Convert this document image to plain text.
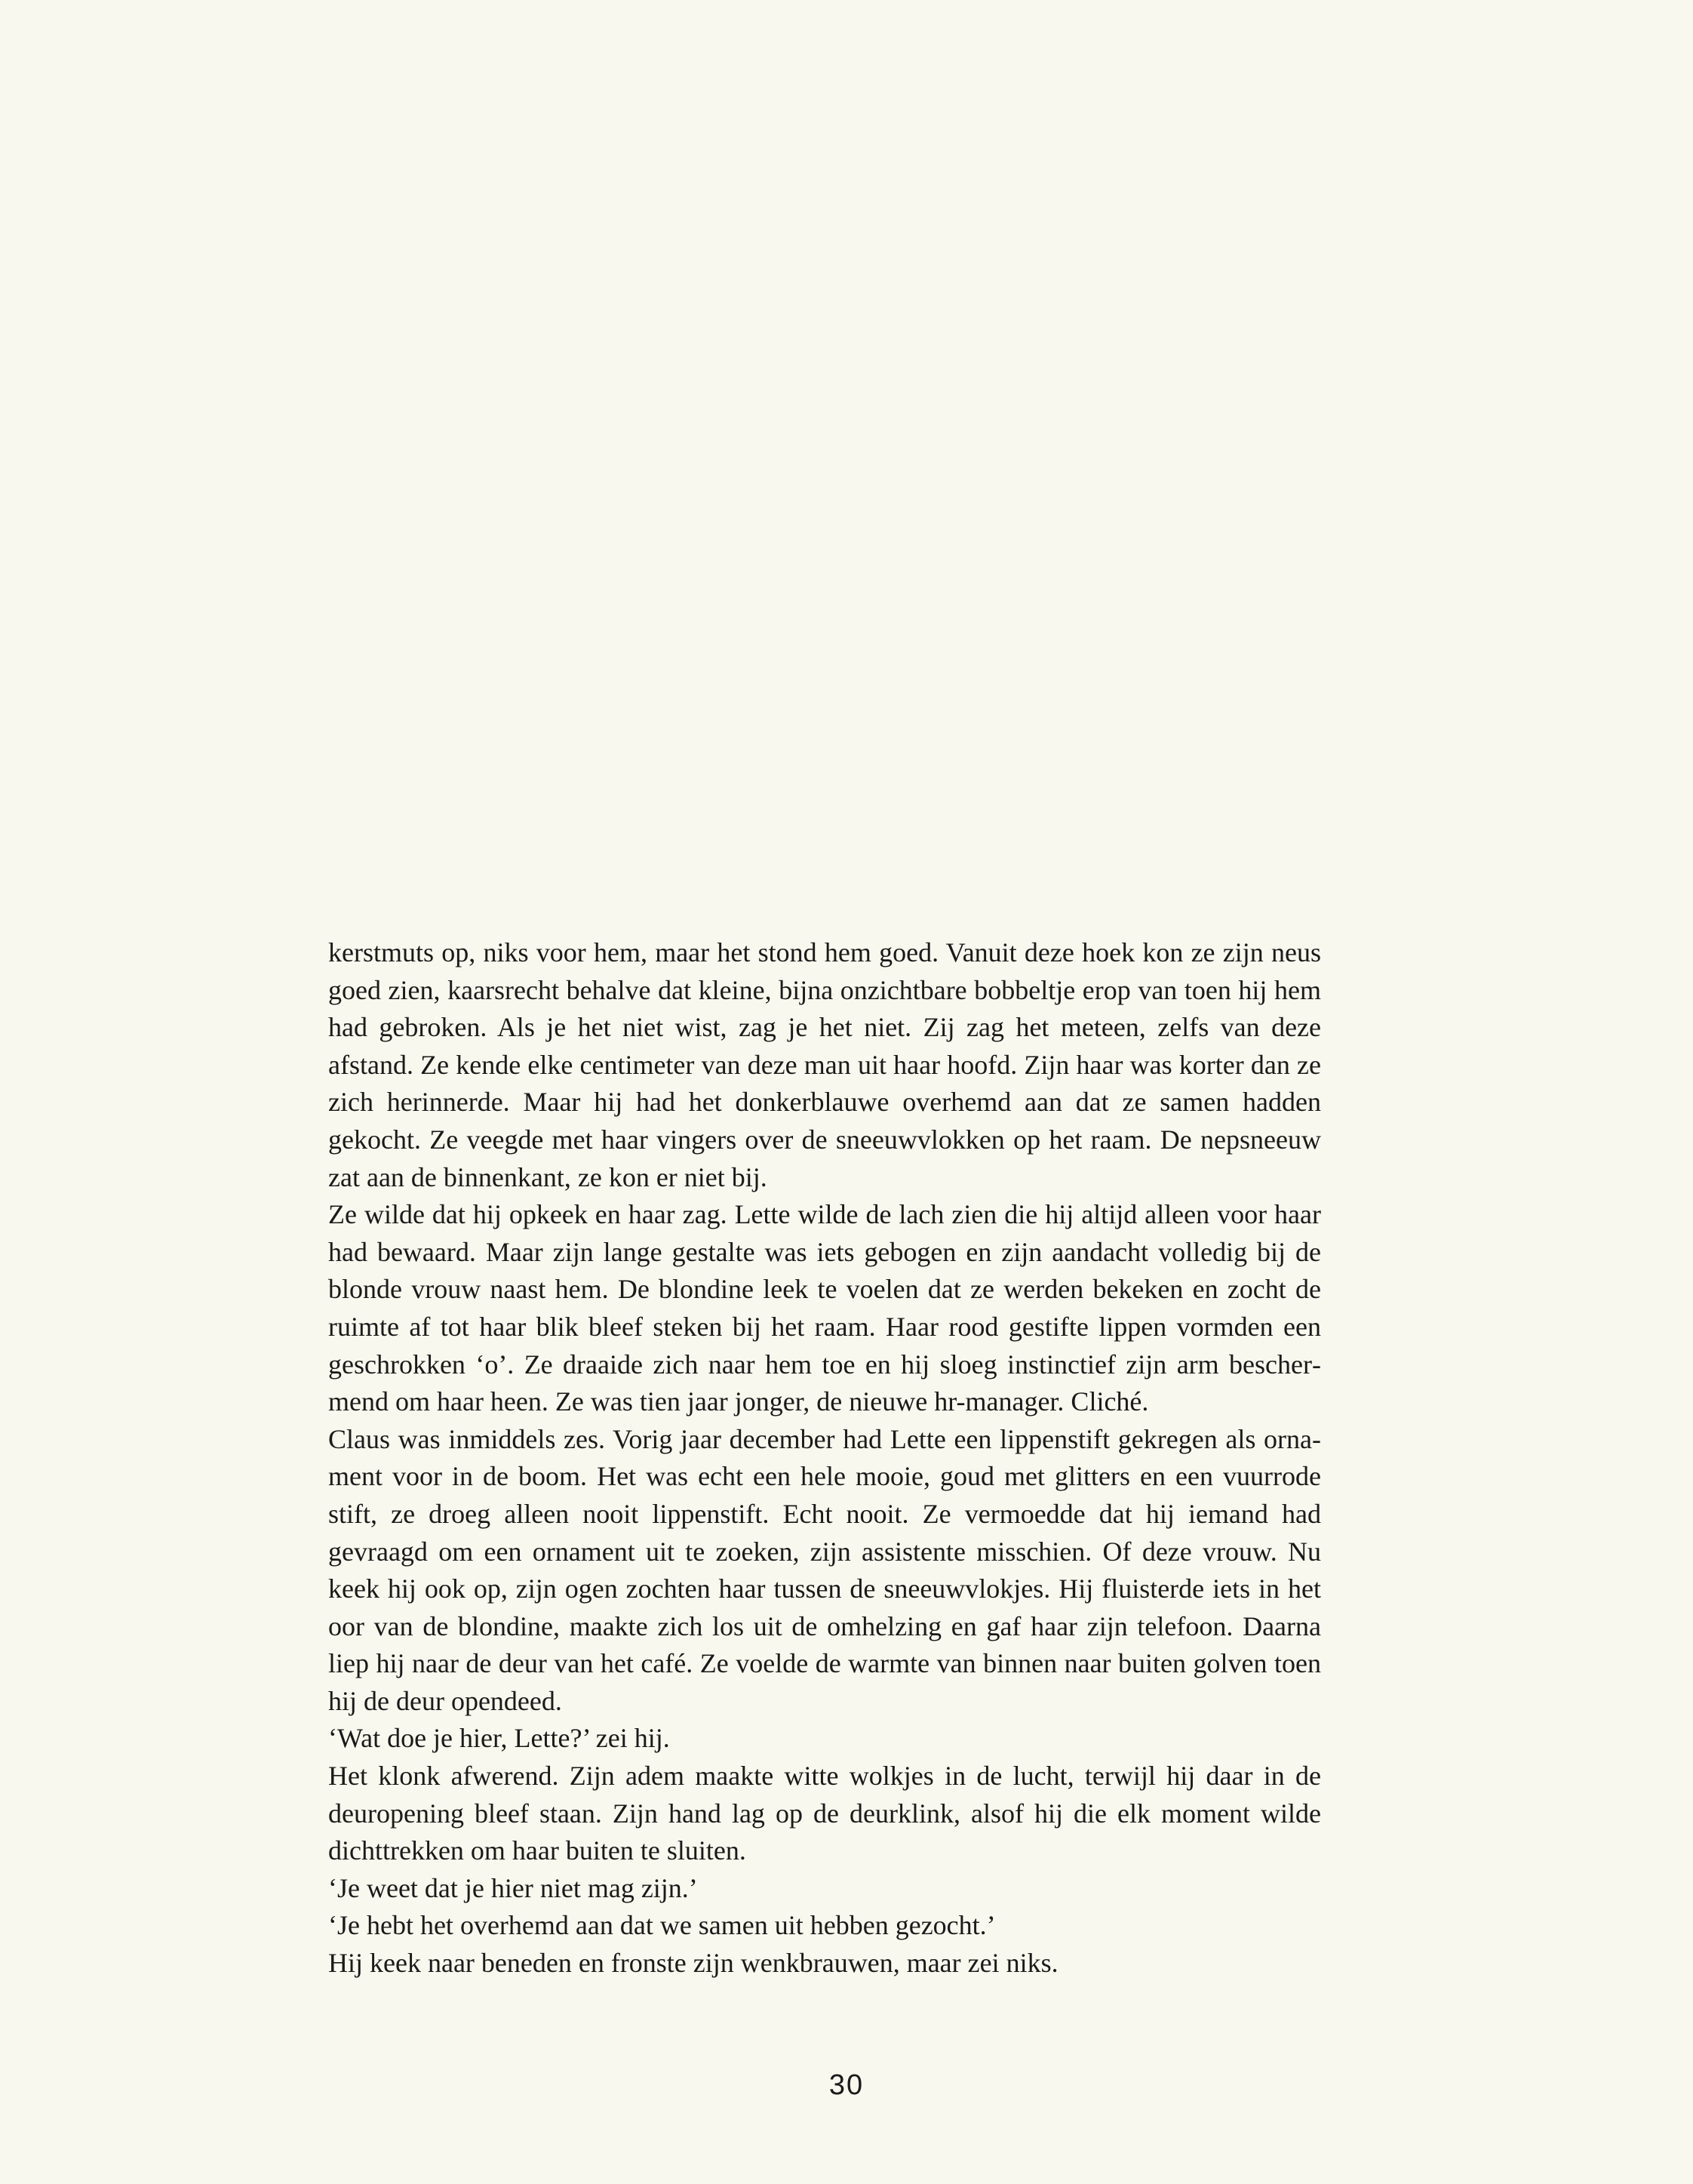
kerstmuts op, niks voor hem, maar het stond hem goed. Vanuit deze hoek kon ze zijn neus goed zien, kaarsrecht behalve dat kleine, bijna onzichtbare bobbeltje erop van toen hij hem had gebroken. Als je het niet wist, zag je het niet. Zij zag het meteen, zelfs van deze afstand. Ze kende elke centimeter van deze man uit haar hoofd. Zijn haar was korter dan ze zich herinnerde. Maar hij had het donkerblauwe overhemd aan dat ze samen hadden gekocht. Ze veegde met haar vingers over de sneeuwvlokken op het raam. De nepsneeuw zat aan de binnenkant, ze kon er niet bij.

Ze wilde dat hij opkeek en haar zag. Lette wilde de lach zien die hij altijd alleen voor haar had bewaard. Maar zijn lange gestalte was iets gebogen en zijn aandacht volledig bij de blonde vrouw naast hem. De blondine leek te voelen dat ze werden bekeken en zocht de ruimte af tot haar blik bleef steken bij het raam. Haar rood gestifte lippen vormden een geschrokken ‘o’. Ze draaide zich naar hem toe en hij sloeg instinctief zijn arm beschermend om haar heen. Ze was tien jaar jonger, de nieuwe hr-manager. Cliché.

Claus was inmiddels zes. Vorig jaar december had Lette een lippenstift gekregen als ornament voor in de boom. Het was echt een hele mooie, goud met glitters en een vuurrode stift, ze droeg alleen nooit lippenstift. Echt nooit. Ze vermoedde dat hij iemand had gevraagd om een ornament uit te zoeken, zijn assistente misschien. Of deze vrouw. Nu keek hij ook op, zijn ogen zochten haar tussen de sneeuwvlokjes. Hij fluisterde iets in het oor van de blondine, maakte zich los uit de omhelzing en gaf haar zijn telefoon. Daarna liep hij naar de deur van het café. Ze voelde de warmte van binnen naar buiten golven toen hij de deur opendeed.

‘Wat doe je hier, Lette?’ zei hij.

Het klonk afwerend. Zijn adem maakte witte wolkjes in de lucht, terwijl hij daar in de deuropening bleef staan. Zijn hand lag op de deurklink, alsof hij die elk moment wilde dichttrekken om haar buiten te sluiten.

‘Je weet dat je hier niet mag zijn.’

‘Je hebt het overhemd aan dat we samen uit hebben gezocht.’

Hij keek naar beneden en fronste zijn wenkbrauwen, maar zei niks.

30
